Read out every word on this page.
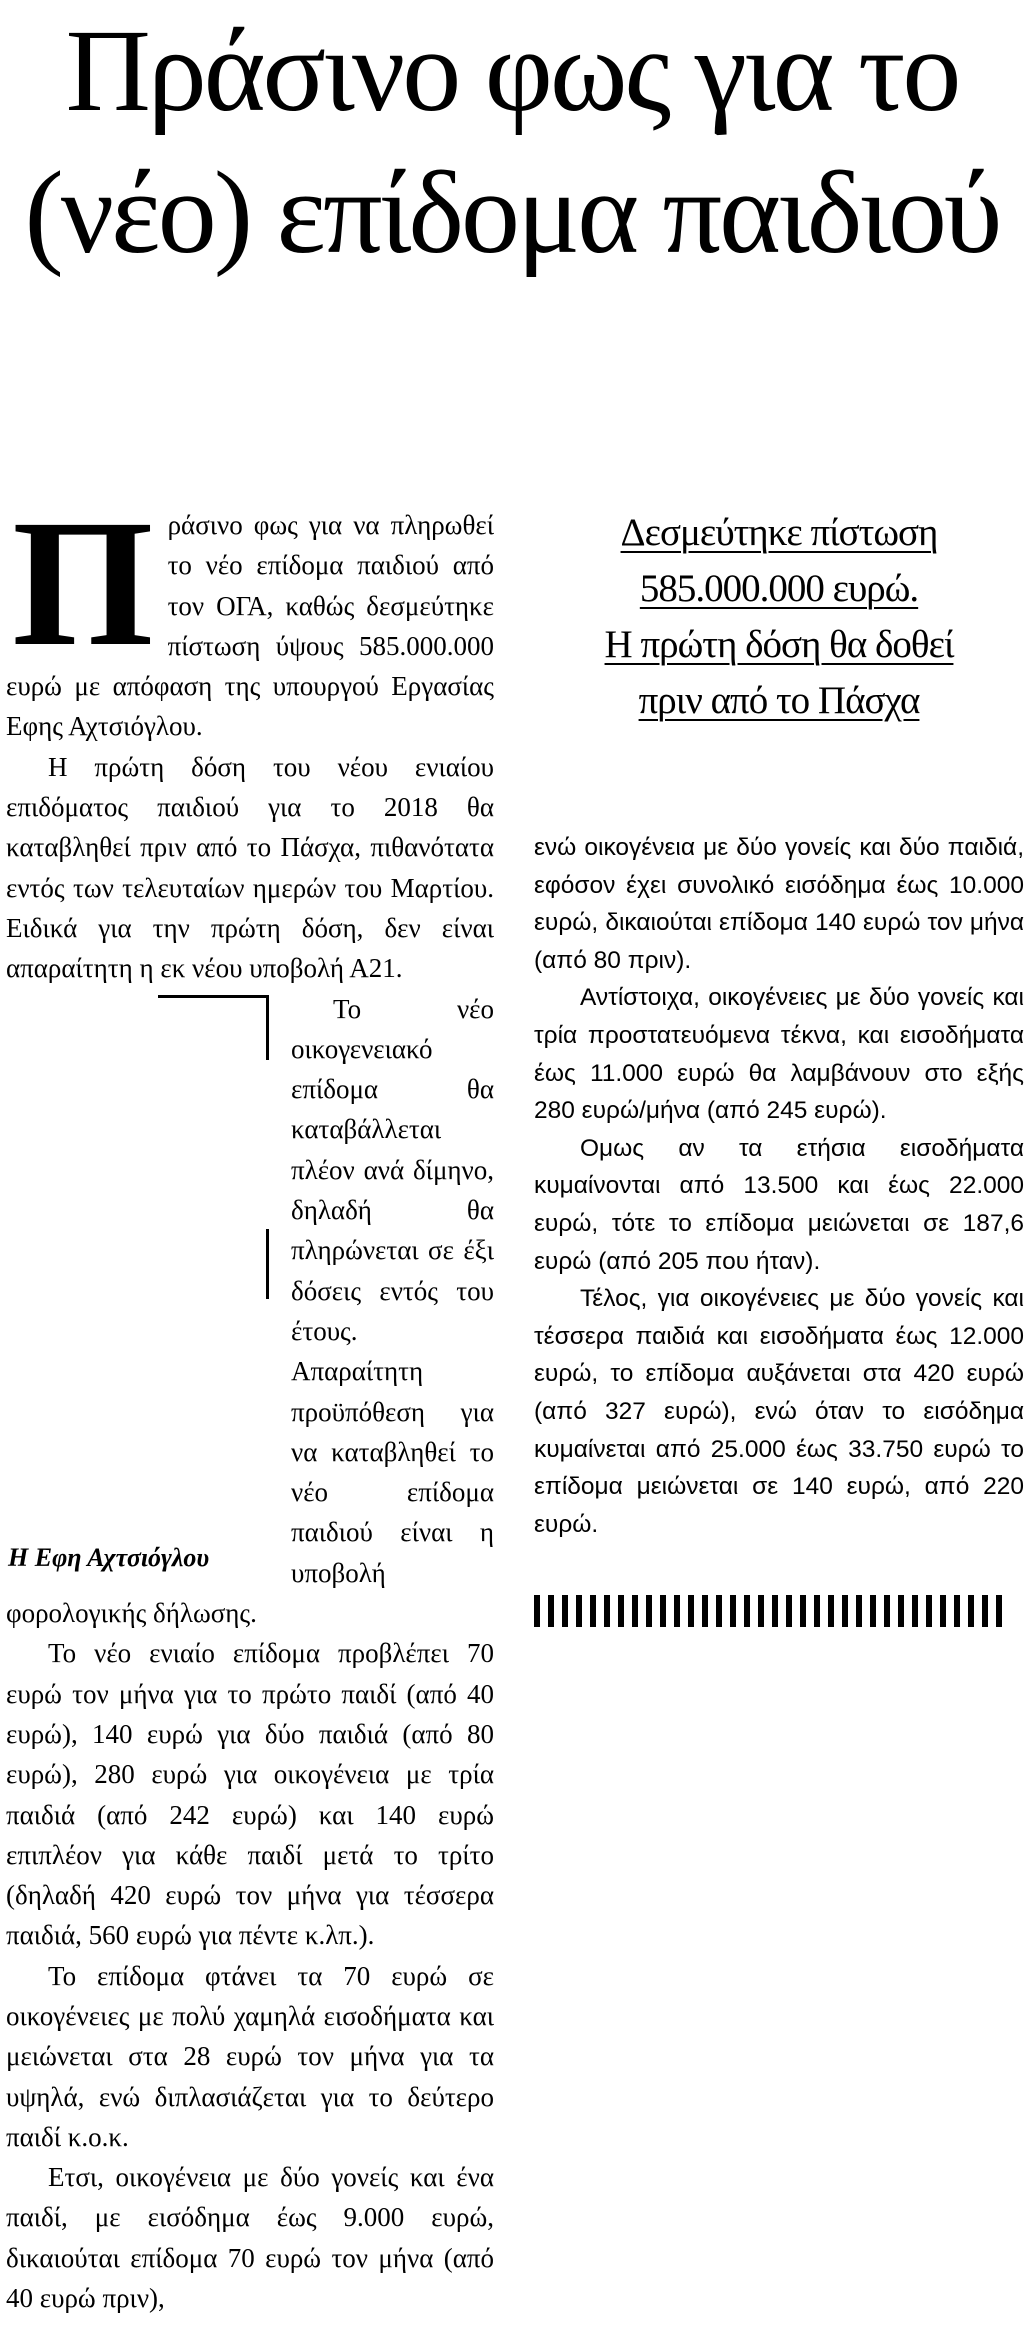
Πράσινο φως για το (νέο) επίδομα παιδιού

Πράσινο φως για να πληρωθεί το νέο επίδομα παιδιού από τον ΟΓΑ, καθώς δεσμεύτηκε πίστωση ύψους 585.000.000 ευρώ με απόφαση της υπουργού Εργασίας Εφης Αχτσιόγλου.

Η πρώτη δόση του νέου ενιαίου επιδόματος παιδιού για το 2018 θα καταβληθεί πριν από το Πάσχα, πιθανότατα εντός των τελευταίων ημερών του Μαρτίου. Ειδικά για την πρώτη δόση, δεν είναι απαραίτητη η εκ νέου υποβολή Α21.

Η Εφη Αχτσιόγλου

Το νέο οικογενειακό επίδομα θα καταβάλλεται πλέον ανά δίμηνο, δηλαδή θα πληρώνεται σε έξι δόσεις εντός του έτους. Απαραίτητη προϋπόθεση για να καταβληθεί το νέο επίδομα παιδιού είναι η υποβολή φορολογικής δήλωσης.

Το νέο ενιαίο επίδομα προβλέπει 70 ευρώ τον μήνα για το πρώτο παιδί (από 40 ευρώ), 140 ευρώ για δύο παιδιά (από 80 ευρώ), 280 ευρώ για οικογένεια με τρία παιδιά (από 242 ευρώ) και 140 ευρώ επιπλέον για κάθε παιδί μετά το τρίτο (δηλαδή 420 ευρώ τον μήνα για τέσσερα παιδιά, 560 ευρώ για πέντε κ.λπ.).

Το επίδομα φτάνει τα 70 ευρώ σε οικογένειες με πολύ χαμηλά εισοδήματα και μειώνεται στα 28 ευρώ τον μήνα για τα υψηλά, ενώ διπλασιάζεται για το δεύτερο παιδί κ.ο.κ.

Ετσι, οικογένεια με δύο γονείς και ένα παιδί, με εισόδημα έως 9.000 ευρώ, δικαιούται επίδομα 70 ευρώ τον μήνα (από 40 ευρώ πριν),

Δεσμεύτηκε πίστωση
585.000.000 ευρώ.
Η πρώτη δόση θα δοθεί
πριν από το Πάσχα

ενώ οικογένεια με δύο γονείς και δύο παιδιά, εφόσον έχει συνολικό εισόδημα έως 10.000 ευρώ, δικαιούται επίδομα 140 ευρώ τον μήνα (από 80 πριν).

Αντίστοιχα, οικογένειες με δύο γονείς και τρία προστατευόμενα τέκνα, και εισοδήματα έως 11.000 ευρώ θα λαμβάνουν στο εξής 280 ευρώ/μήνα (από 245 ευρώ).

Ομως αν τα ετήσια εισοδήματα κυμαίνονται από 13.500 και έως 22.000 ευρώ, τότε το επίδομα μειώνεται σε 187,6 ευρώ (από 205 που ήταν).

Τέλος, για οικογένειες με δύο γονείς και τέσσερα παιδιά και εισοδήματα έως 12.000 ευρώ, το επίδομα αυξάνεται στα 420 ευρώ (από 327 ευρώ), ενώ όταν το εισόδημα κυμαίνεται από 25.000 έως 33.750 ευρώ το επίδομα μειώνεται σε 140 ευρώ, από 220 ευρώ.
